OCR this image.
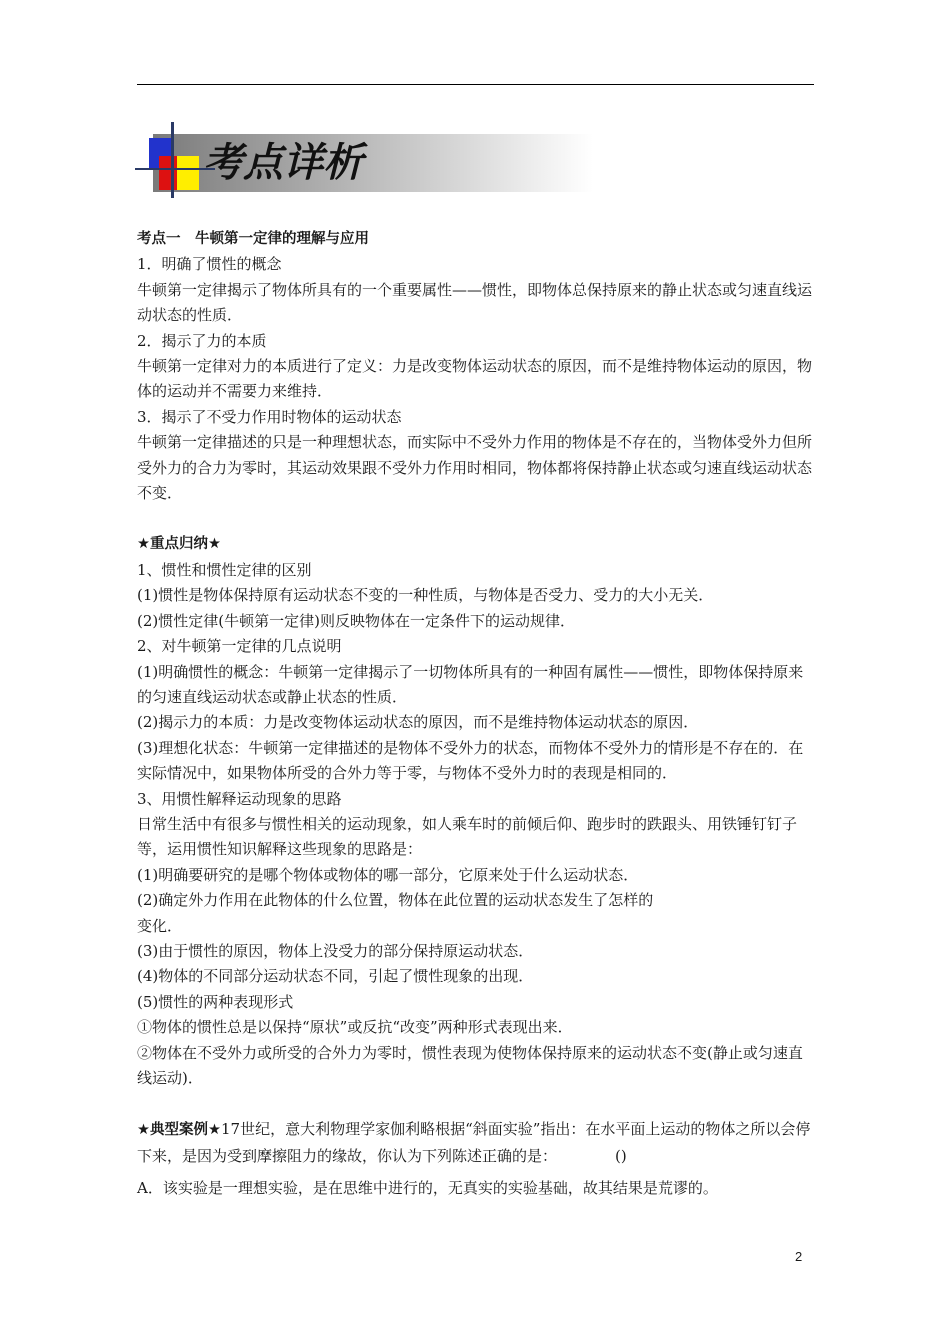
考点详析

考点一　牛顿第一定律的理解与应用

1．明确了惯性的概念

牛顿第一定律揭示了物体所具有的一个重要属性——惯性，即物体总保持原来的静止状态或匀速直线运动状态的性质．

2．揭示了力的本质

牛顿第一定律对力的本质进行了定义：力是改变物体运动状态的原因，而不是维持物体运动的原因，物体的运动并不需要力来维持．

3．揭示了不受力作用时物体的运动状态

牛顿第一定律描述的只是一种理想状态，而实际中不受外力作用的物体是不存在的，当物体受外力但所受外力的合力为零时，其运动效果跟不受外力作用时相同，物体都将保持静止状态或匀速直线运动状态不变．

★重点归纳★

1、惯性和惯性定律的区别

(1)惯性是物体保持原有运动状态不变的一种性质，与物体是否受力、受力的大小无关．

(2)惯性定律(牛顿第一定律)则反映物体在一定条件下的运动规律．

2、对牛顿第一定律的几点说明

(1)明确惯性的概念：牛顿第一定律揭示了一切物体所具有的一种固有属性——惯性，即物体保持原来的匀速直线运动状态或静止状态的性质．

(2)揭示力的本质：力是改变物体运动状态的原因，而不是维持物体运动状态的原因．

(3)理想化状态：牛顿第一定律描述的是物体不受外力的状态，而物体不受外力的情形是不存在的．在实际情况中，如果物体所受的合外力等于零，与物体不受外力时的表现是相同的．

3、用惯性解释运动现象的思路

日常生活中有很多与惯性相关的运动现象，如人乘车时的前倾后仰、跑步时的跌跟头、用铁锤钉钉子等，运用惯性知识解释这些现象的思路是：

(1)明确要研究的是哪个物体或物体的哪一部分，它原来处于什么运动状态．

(2)确定外力作用在此物体的什么位置，物体在此位置的运动状态发生了怎样的

变化．

(3)由于惯性的原因，物体上没受力的部分保持原运动状态．

(4)物体的不同部分运动状态不同，引起了惯性现象的出现．

(5)惯性的两种表现形式

①物体的惯性总是以保持“原状”或反抗“改变”两种形式表现出来．

②物体在不受外力或所受的合外力为零时，惯性表现为使物体保持原来的运动状态不变(静止或匀速直线运动)．

★典型案例★17世纪，意大利物理学家伽利略根据“斜面实验”指出：在水平面上运动的物体之所以会停下来，是因为受到摩擦阻力的缘故，你认为下列陈述正确的是：	()

A．该实验是一理想实验，是在思维中进行的，无真实的实验基础，故其结果是荒谬的。

2
